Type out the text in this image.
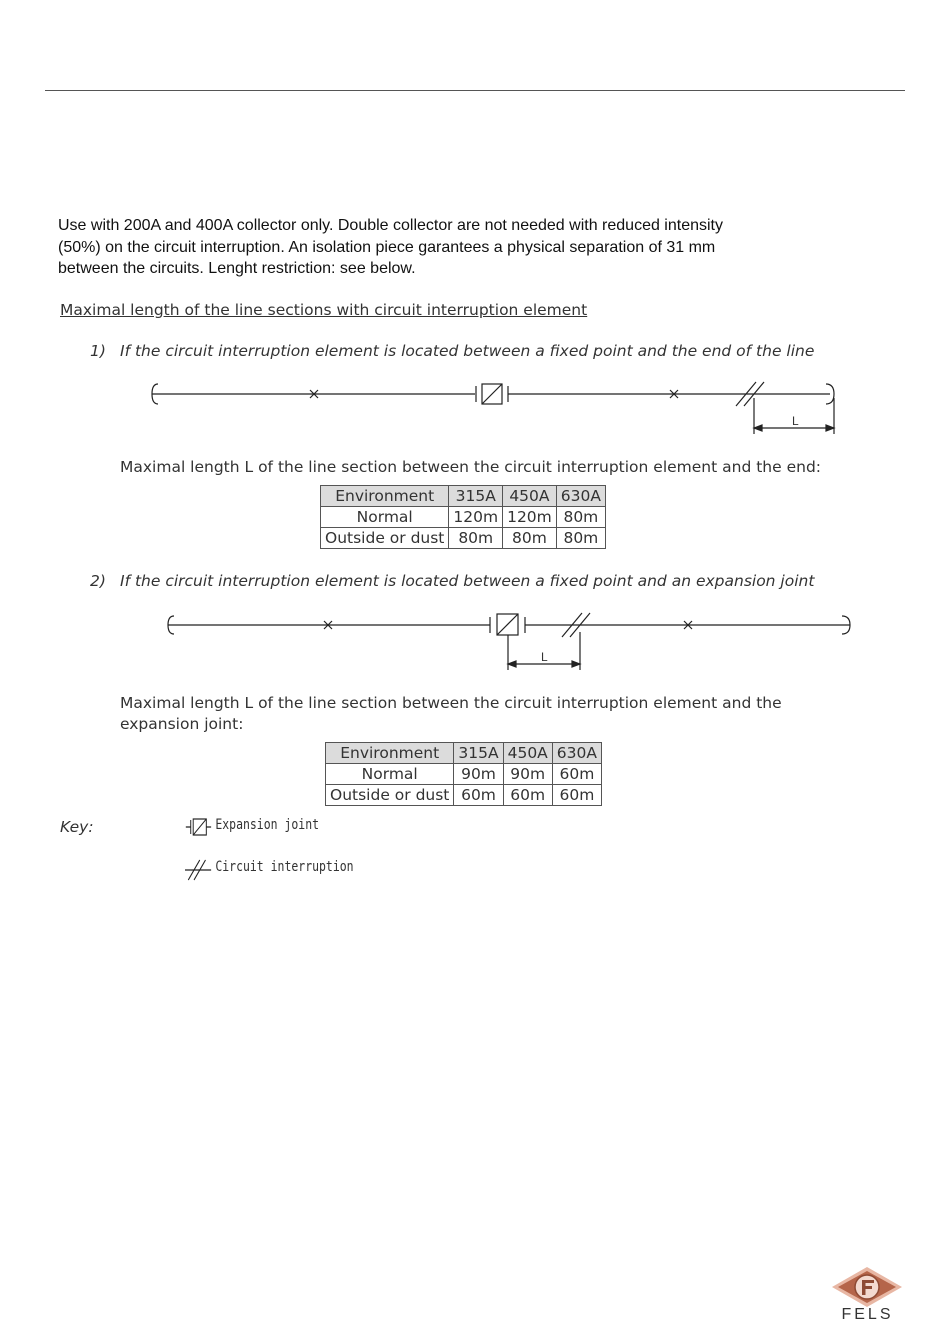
Use with 200A and 400A collector only. Double collector are not needed with reduced intensity

(50%) on the circuit interruption. An isolation piece garantees a physical separation of 31 mm

between the circuits. Lenght restriction: see below.

Maximal length of the line sections with circuit interruption element
1) If the circuit interruption element is located between a fixed point and the end of the line
L
Maximal length L of the line section between the circuit interruption element and the end:
Environment	315A	450A	630A
Normal	120m	120m	80m
Outside or dust	80m	80m	80m
2) If the circuit interruption element is located between a fixed point and an expansion joint
L
Maximal length L of the line section between the circuit interruption element and the
expansion joint:
Environment	315A	450A	630A
Normal	90m	90m	60m
Outside or dust	60m	60m	60m
Key:	Expansion joint
Circuit interruption
FELS
